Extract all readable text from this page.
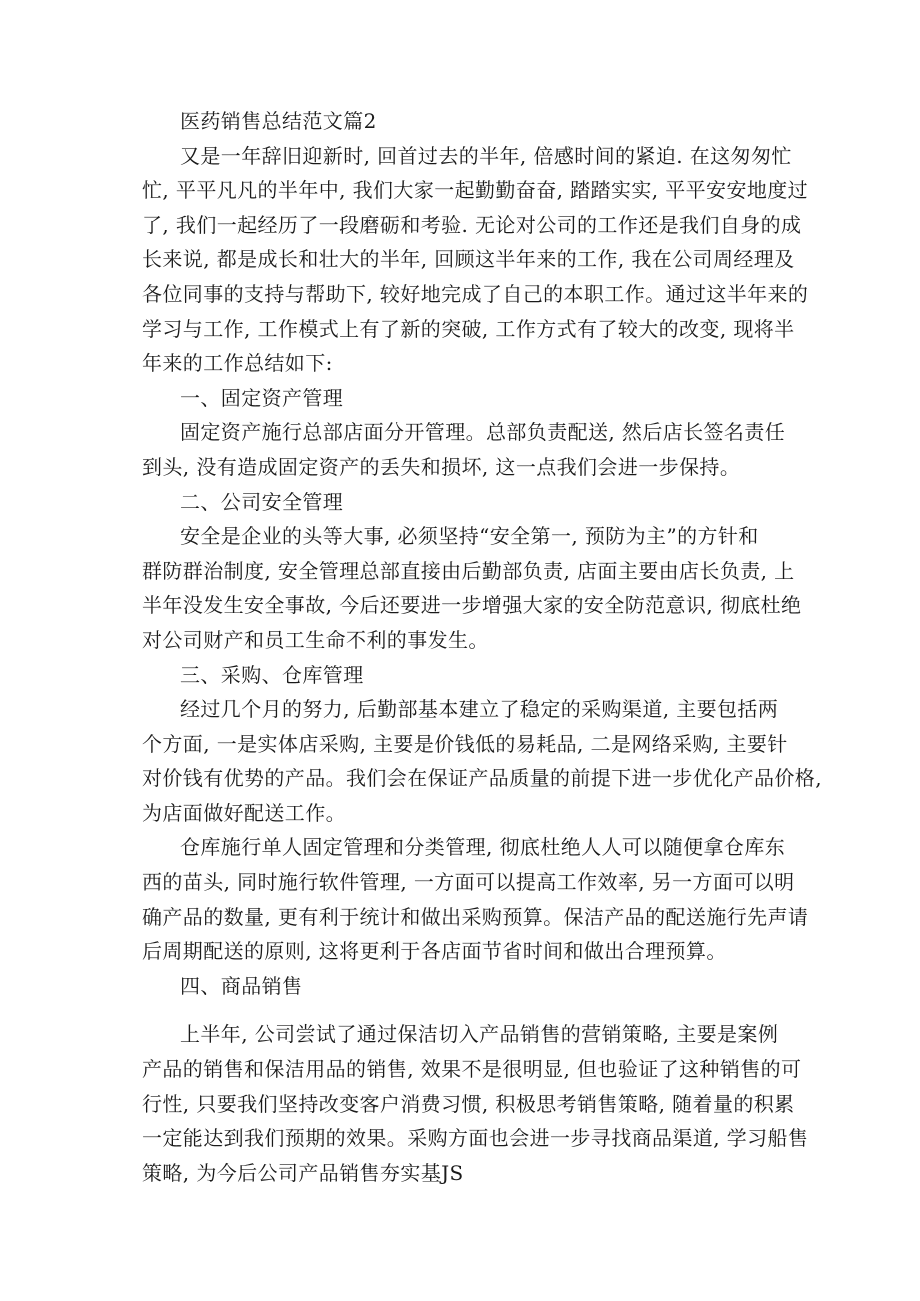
医药销售总结范文篇2
又是一年辞旧迎新时, 回首过去的半年, 倍感时间的紧迫. 在这匆匆忙
忙, 平平凡凡的半年中, 我们大家一起勤勤奋奋, 踏踏实实, 平平安安地度过
了, 我们一起经历了一段磨砺和考验. 无论对公司的工作还是我们自身的成
长来说, 都是成长和壮大的半年, 回顾这半年来的工作, 我在公司周经理及
各位同事的支持与帮助下, 较好地完成了自己的本职工作。通过这半年来的
学习与工作, 工作模式上有了新的突破, 工作方式有了较大的改变, 现将半
年来的工作总结如下:
一、固定资产管理
固定资产施行总部店面分开管理。总部负责配送, 然后店长签名责任
到头, 没有造成固定资产的丢失和损坏, 这一点我们会进一步保持。
二、公司安全管理
安全是企业的头等大事, 必须坚持“安全第一, 预防为主”的方针和
群防群治制度, 安全管理总部直接由后勤部负责, 店面主要由店长负责, 上
半年没发生安全事故, 今后还要进一步增强大家的安全防范意识, 彻底杜绝
对公司财产和员工生命不利的事发生。
三、采购、仓库管理
经过几个月的努力, 后勤部基本建立了稳定的采购渠道, 主要包括两
个方面, 一是实体店采购, 主要是价钱低的易耗品, 二是网络采购, 主要针
对价钱有优势的产品。我们会在保证产品质量的前提下进一步优化产品价格,
为店面做好配送工作。
仓库施行单人固定管理和分类管理, 彻底杜绝人人可以随便拿仓库东
西的苗头, 同时施行软件管理, 一方面可以提高工作效率, 另一方面可以明
确产品的数量, 更有利于统计和做出采购预算。保洁产品的配送施行先声请
后周期配送的原则, 这将更利于各店面节省时间和做出合理预算。
四、商品销售
上半年, 公司尝试了通过保洁切入产品销售的营销策略, 主要是案例
产品的销售和保洁用品的销售, 效果不是很明显, 但也验证了这种销售的可
行性, 只要我们坚持改变客户消费习惯, 积极思考销售策略, 随着量的积累
一定能达到我们预期的效果。采购方面也会进一步寻找商品渠道, 学习船售
策略, 为今后公司产品销售夯实基JS
